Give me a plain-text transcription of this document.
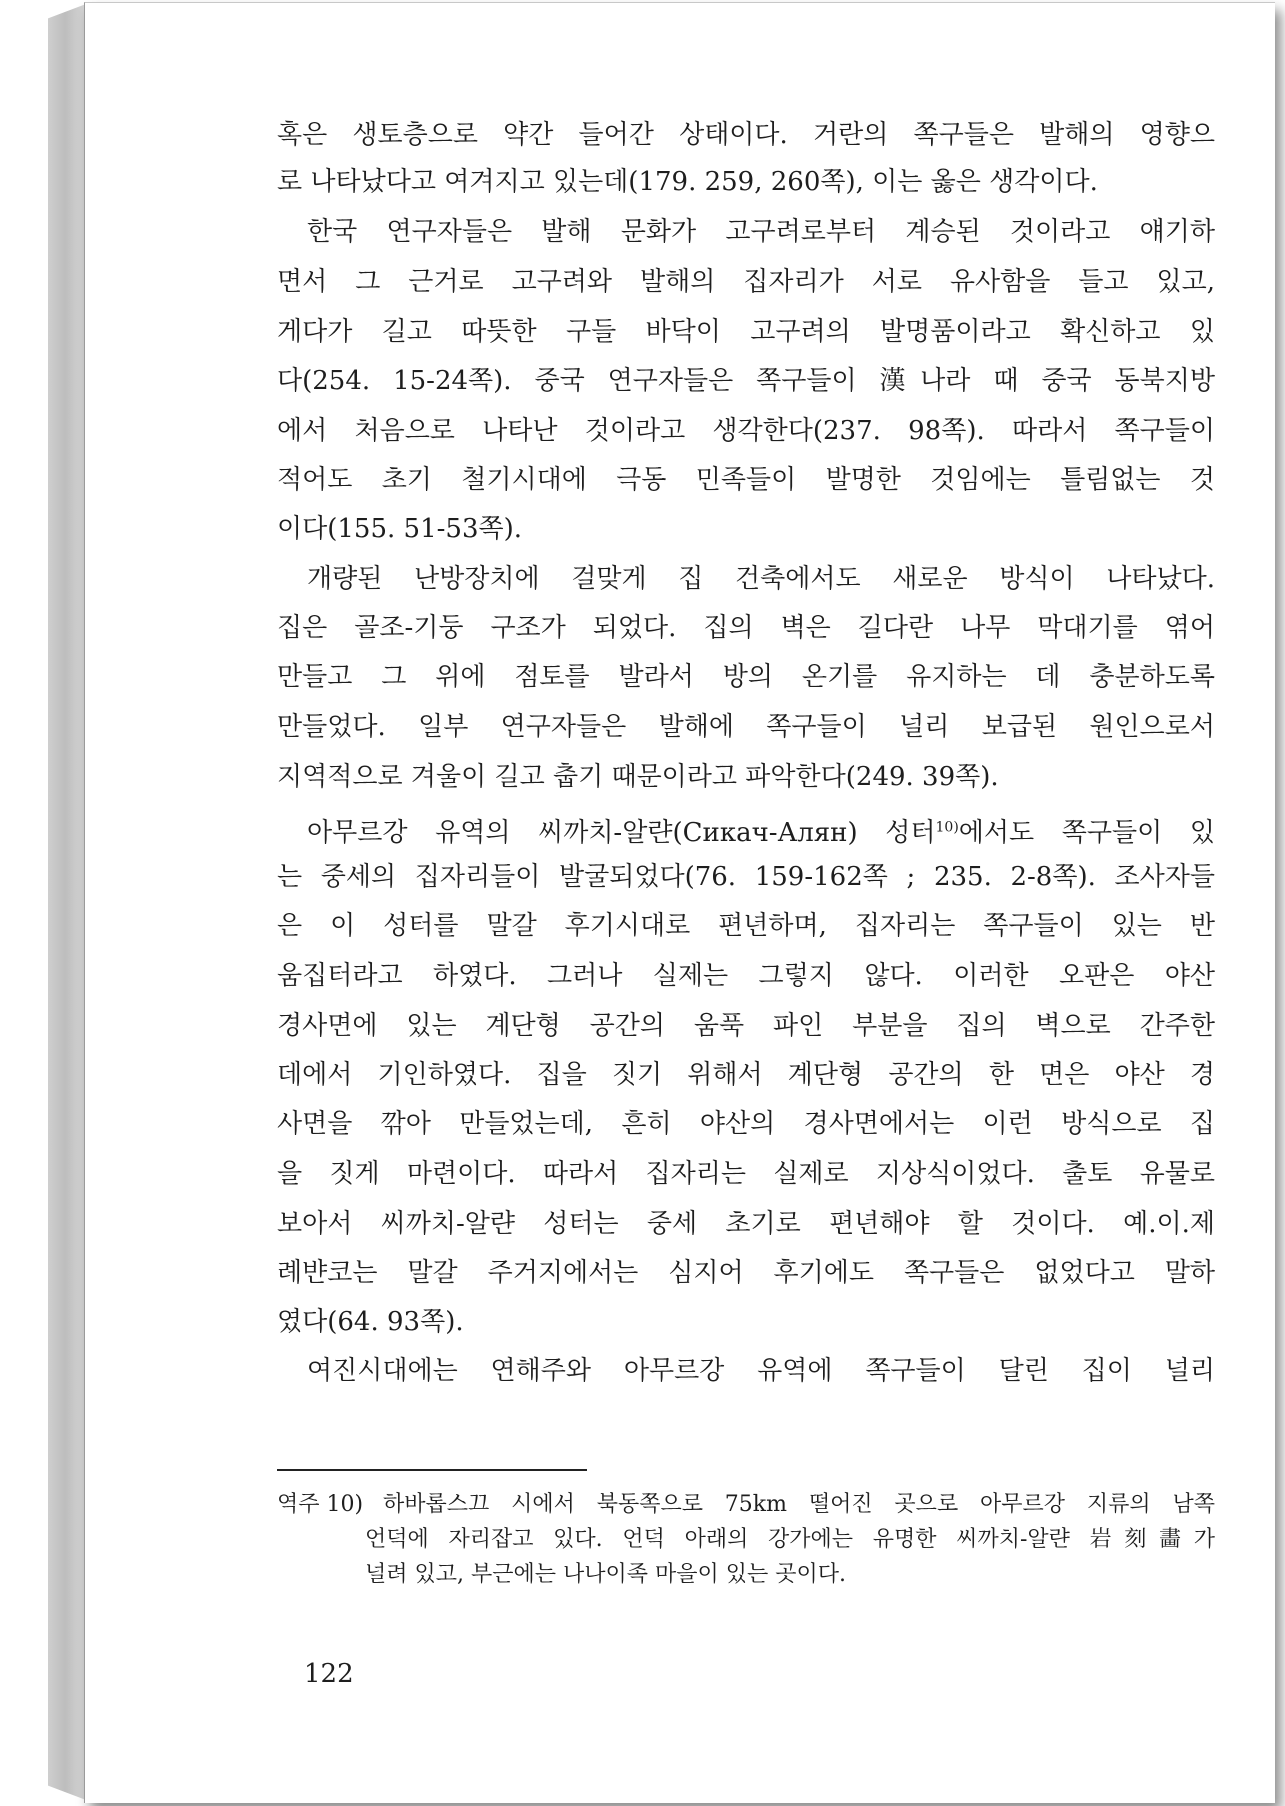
혹은 생토층으로 약간 들어간 상태이다. 거란의 쪽구들은 발해의 영향으
로 나타났다고 여겨지고 있는데(179. 259, 260쪽), 이는 옳은 생각이다.
한국 연구자들은 발해 문화가 고구려로부터 계승된 것이라고 얘기하
면서 그 근거로 고구려와 발해의 집자리가 서로 유사함을 들고 있고,
게다가 길고 따뜻한 구들 바닥이 고구려의 발명품이라고 확신하고 있
다(254. 15-24쪽). 중국 연구자들은 쪽구들이 漢나라 때 중국 동북지방
에서 처음으로 나타난 것이라고 생각한다(237. 98쪽). 따라서 쪽구들이
적어도 초기 철기시대에 극동 민족들이 발명한 것임에는 틀림없는 것
이다(155. 51-53쪽).
개량된 난방장치에 걸맞게 집 건축에서도 새로운 방식이 나타났다.
집은 골조-기둥 구조가 되었다. 집의 벽은 길다란 나무 막대기를 엮어
만들고 그 위에 점토를 발라서 방의 온기를 유지하는 데 충분하도록
만들었다. 일부 연구자들은 발해에 쪽구들이 널리 보급된 원인으로서
지역적으로 겨울이 길고 춥기 때문이라고 파악한다(249. 39쪽).
아무르강 유역의 씨까치-알랸(Сикач-Алян) 성터$^{10)}$에서도 쪽구들이 있
는 중세의 집자리들이 발굴되었다(76. 159-162쪽 ; 235. 2-8쪽). 조사자들
은 이 성터를 말갈 후기시대로 편년하며, 집자리는 쪽구들이 있는 반
움집터라고 하였다. 그러나 실제는 그렇지 않다. 이러한 오판은 야산
경사면에 있는 계단형 공간의 움푹 파인 부분을 집의 벽으로 간주한
데에서 기인하였다. 집을 짓기 위해서 계단형 공간의 한 면은 야산 경
사면을 깎아 만들었는데, 흔히 야산의 경사면에서는 이런 방식으로 집
을 짓게 마련이다. 따라서 집자리는 실제로 지상식이었다. 출토 유물로
보아서 씨까치-알랸 성터는 중세 초기로 편년해야 할 것이다. 예.이.제
례뱐코는 말갈 주거지에서는 심지어 후기에도 쪽구들은 없었다고 말하
였다(64. 93쪽).
여진시대에는 연해주와 아무르강 유역에 쪽구들이 달린 집이 널리
역주 10) 하바롭스끄 시에서 북동쪽으로 75km 떨어진 곳으로 아무르강 지류의 남쪽
언덕에 자리잡고 있다. 언덕 아래의 강가에는 유명한 씨까치-알랸 岩刻畵가
널려 있고, 부근에는 나나이족 마을이 있는 곳이다.
122
